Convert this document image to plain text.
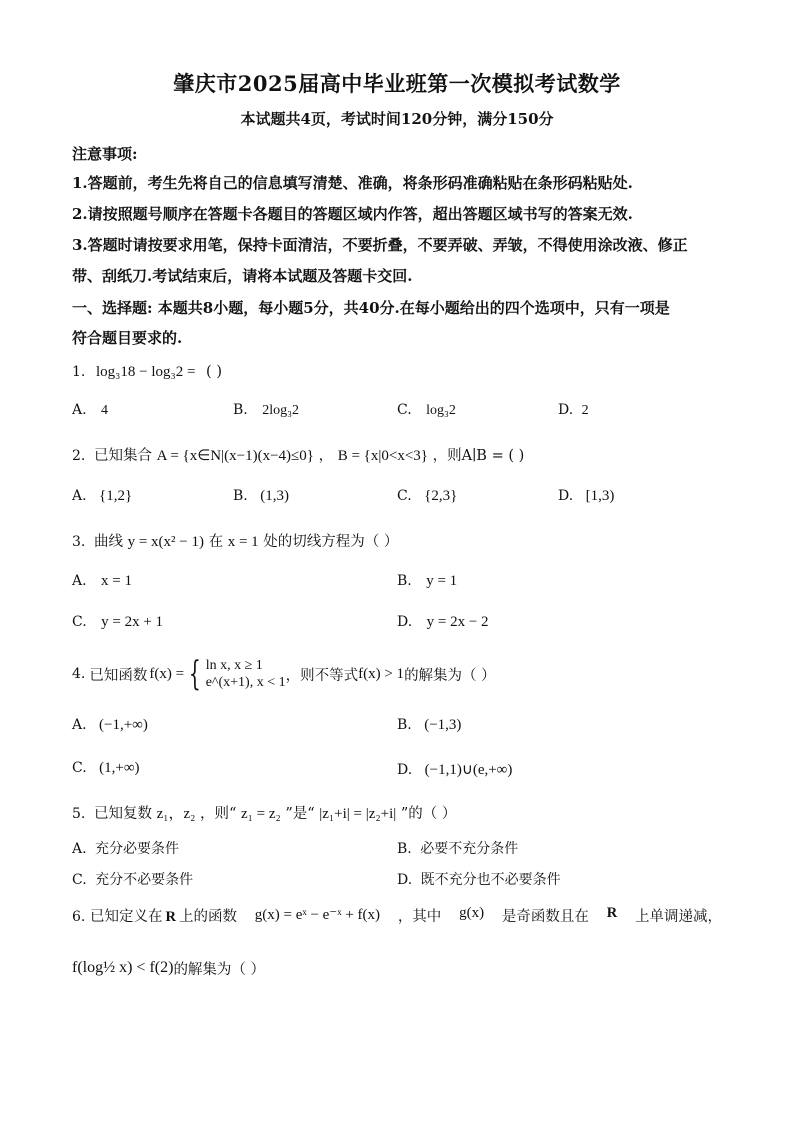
肇庆市2025届高中毕业班第一次模拟考试数学
本试题共4页，考试时间120分钟，满分150分
注意事项:
1.答题前，考生先将自己的信息填写清楚、准确，将条形码准确粘贴在条形码粘贴处.
2.请按照题号顺序在答题卡各题目的答题区域内作答，超出答题区域书写的答案无效.
3.答题时请按要求用笔，保持卡面清洁，不要折叠，不要弄破、弄皱，不得使用涂改液、修正
带、刮纸刀.考试结束后，请将本试题及答题卡交回.
一、选择题: 本题共8小题，每小题5分，共40分.在每小题给出的四个选项中，只有一项是
符合题目要求的.
1. log₃18 − log₃2 = ( )
A. 4	B. 2log₃2	C. log₃2	D. 2
2. 已知集合 A = {x∈N|(x−1)(x−4)≤0} ， B = {x|0<x<3} ，则A∣B = ( )
A. {1,2}	B. (1,3)	C. {2,3}	D. [1,3)
3. 曲线 y = x(x² − 1) 在 x = 1 处的切线方程为（ ）
A. x = 1	B. y = 1
C. y = 2x + 1	D. y = 2x − 2
4. 已知函数 f(x) = { ln x, x ≥ 1
e^(x+1), x < 1 ，则不等式 f(x) > 1 的解集为（ ）
A. (−1,+∞)	B. (−1,3)
C. (1,+∞)	D. (−1,1)∪(e,+∞)
5. 已知复数 z₁，z₂ ，则“ z₁ = z₂ ”是“ |z₁+i| = |z₂+i| ”的（ ）
A. 充分必要条件	B. 必要不充分条件
C. 充分不必要条件	D. 既不充分也不必要条件
6. 已知定义在 R 上的函数 g(x) = eˣ − e⁻ˣ + f(x) ，其中 g(x) 是奇函数且在 R 上单调递减，
f(log½ x) < f(2) 的解集为（ ）
